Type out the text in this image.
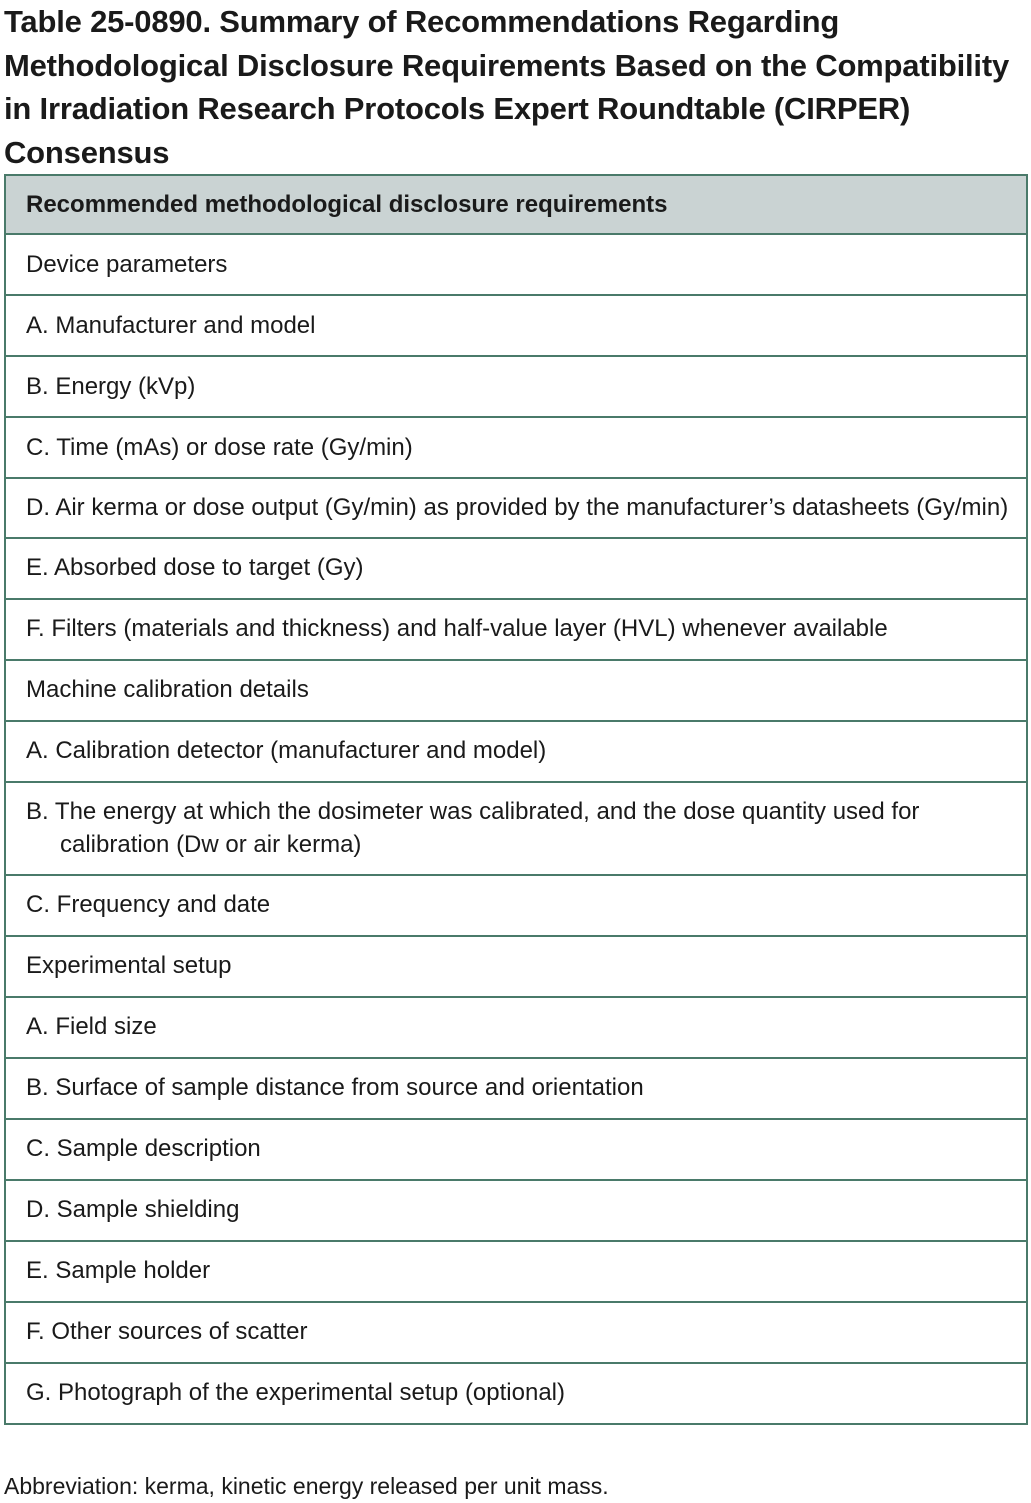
Table 25-0890. Summary of Recommendations Regarding Methodological Disclosure Requirements Based on the Compatibility in Irradiation Research Protocols Expert Roundtable (CIRPER) Consensus
Recommended methodological disclosure requirements

Device parameters

A. Manufacturer and model

B. Energy (kVp)

C. Time (mAs) or dose rate (Gy/min)

D. Air kerma or dose output (Gy/min) as provided by the manufacturer’s datasheets (Gy/min)

E. Absorbed dose to target (Gy)

F. Filters (materials and thickness) and half-value layer (HVL) whenever available

Machine calibration details

A. Calibration detector (manufacturer and model)

B. The energy at which the dosimeter was calibrated, and the dose quantity used for calibration (Dw or air kerma)

C. Frequency and date

Experimental setup

A. Field size

B. Surface of sample distance from source and orientation

C. Sample description

D. Sample shielding

E. Sample holder

F. Other sources of scatter

G. Photograph of the experimental setup (optional)
Abbreviation: kerma, kinetic energy released per unit mass.
